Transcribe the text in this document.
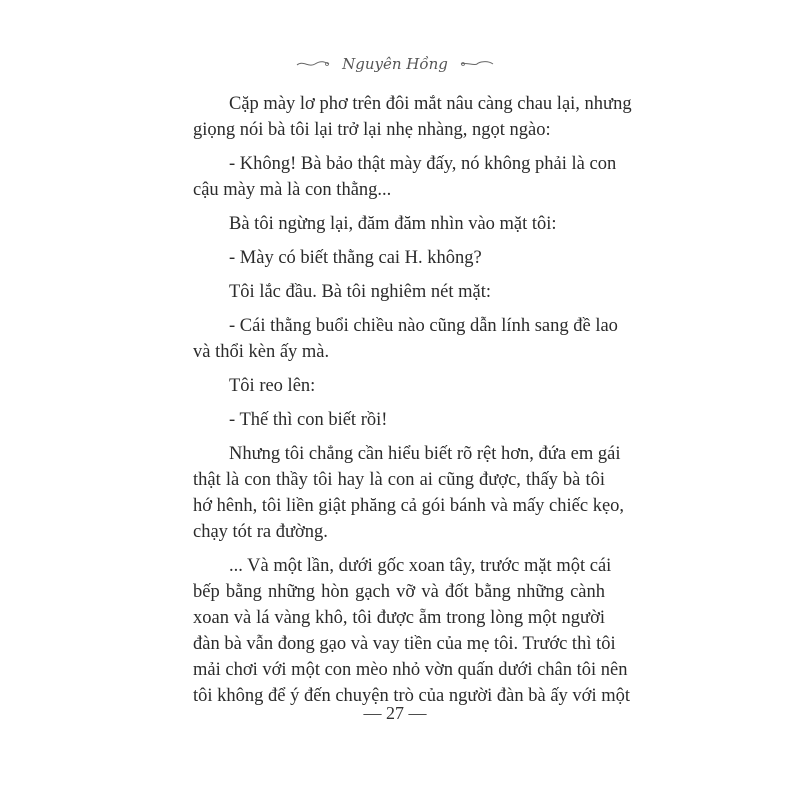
Nguyên Hồng
Cặp mày lơ phơ trên đôi mắt nâu càng chau lại, nhưng
giọng nói bà tôi lại trở lại nhẹ nhàng, ngọt ngào:
- Không! Bà bảo thật mày đấy, nó không phải là con
cậu mày mà là con thằng...
Bà tôi ngừng lại, đăm đăm nhìn vào mặt tôi:
- Mày có biết thằng cai H. không?
Tôi lắc đầu. Bà tôi nghiêm nét mặt:
- Cái thằng buổi chiều nào cũng dẫn lính sang đề lao
và thổi kèn ấy mà.
Tôi reo lên:
- Thế thì con biết rồi!
Nhưng tôi chẳng cần hiểu biết rõ rệt hơn, đứa em gái
thật là con thầy tôi hay là con ai cũng được, thấy bà tôi
hớ hênh, tôi liền giật phăng cả gói bánh và mấy chiếc kẹo,
chạy tót ra đường.
... Và một lần, dưới gốc xoan tây, trước mặt một cái
bếp bằng những hòn gạch vỡ và đốt bằng những cành
xoan và lá vàng khô, tôi được ẵm trong lòng một người
đàn bà vẫn đong gạo và vay tiền của mẹ tôi. Trước thì tôi
mải chơi với một con mèo nhỏ vờn quấn dưới chân tôi nên
tôi không để ý đến chuyện trò của người đàn bà ấy với một
— 27 —
